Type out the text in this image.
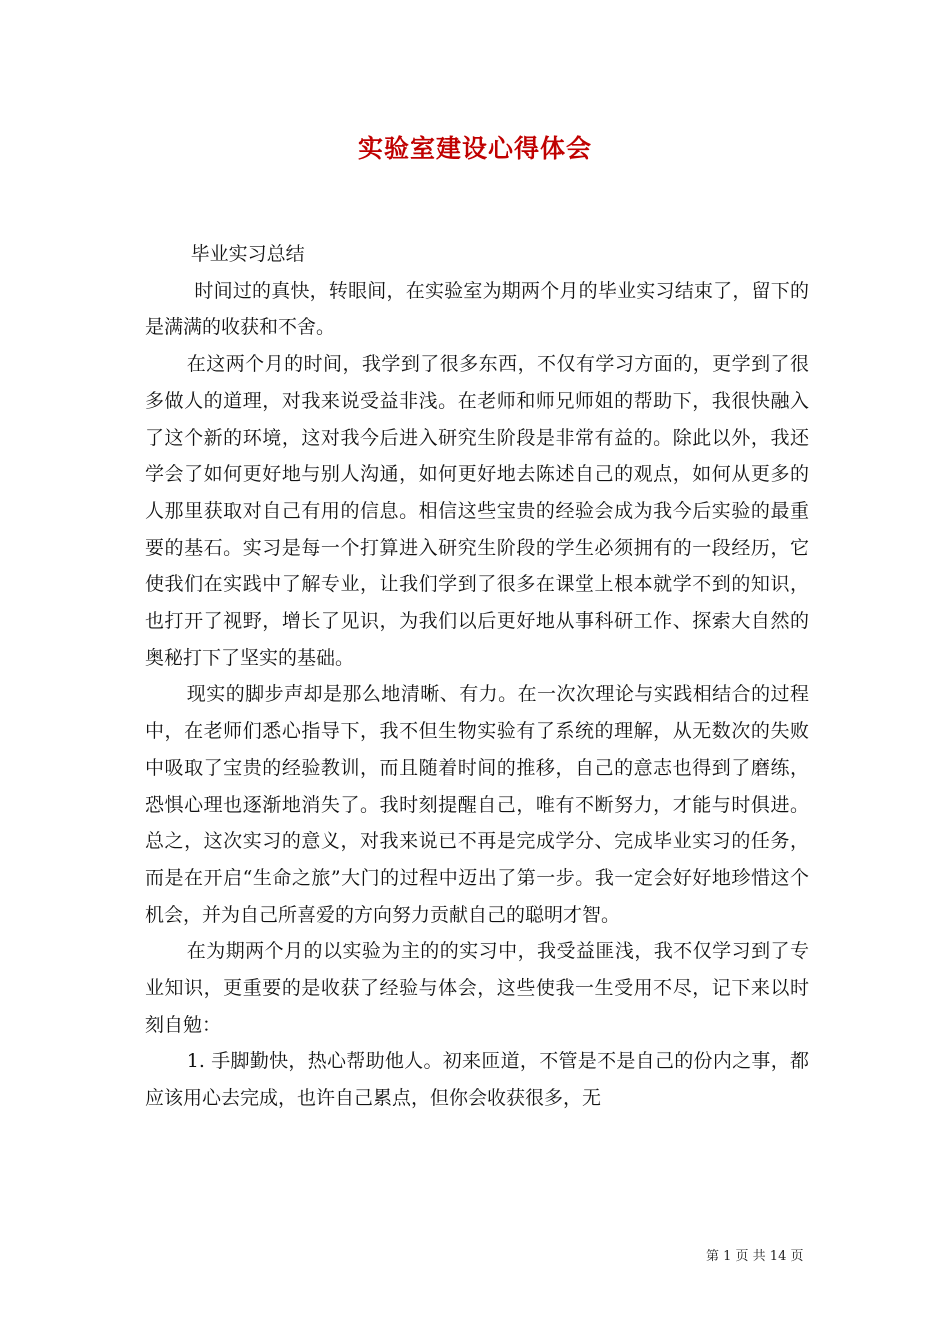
实验室建设心得体会

毕业实习总结

时间过的真快，转眼间，在实验室为期两个月的毕业实习结束了，留下的是满满的收获和不舍。

在这两个月的时间，我学到了很多东西，不仅有学习方面的，更学到了很多做人的道理，对我来说受益非浅。在老师和师兄师姐的帮助下，我很快融入了这个新的环境，这对我今后进入研究生阶段是非常有益的。除此以外，我还学会了如何更好地与别人沟通，如何更好地去陈述自己的观点，如何从更多的人那里获取对自己有用的信息。相信这些宝贵的经验会成为我今后实验的最重要的基石。实习是每一个打算进入研究生阶段的学生必须拥有的一段经历，它使我们在实践中了解专业，让我们学到了很多在课堂上根本就学不到的知识，也打开了视野，增长了见识，为我们以后更好地从事科研工作、探索大自然的奥秘打下了坚实的基础。

现实的脚步声却是那么地清晰、有力。在一次次理论与实践相结合的过程中，在老师们悉心指导下，我不但生物实验有了系统的理解，从无数次的失败中吸取了宝贵的经验教训，而且随着时间的推移，自己的意志也得到了磨练，恐惧心理也逐渐地消失了。我时刻提醒自己，唯有不断努力，才能与时俱进。总之，这次实习的意义，对我来说已不再是完成学分、完成毕业实习的任务，而是在开启“生命之旅”大门的过程中迈出了第一步。我一定会好好地珍惜这个机会，并为自己所喜爱的方向努力贡献自己的聪明才智。

在为期两个月的以实验为主的的实习中，我受益匪浅，我不仅学习到了专业知识，更重要的是收获了经验与体会，这些使我一生受用不尽，记下来以时刻自勉：

1. 手脚勤快，热心帮助他人。初来匝道，不管是不是自己的份内之事，都应该用心去完成，也许自己累点，但你会收获很多，无

第 1 页 共 14 页
